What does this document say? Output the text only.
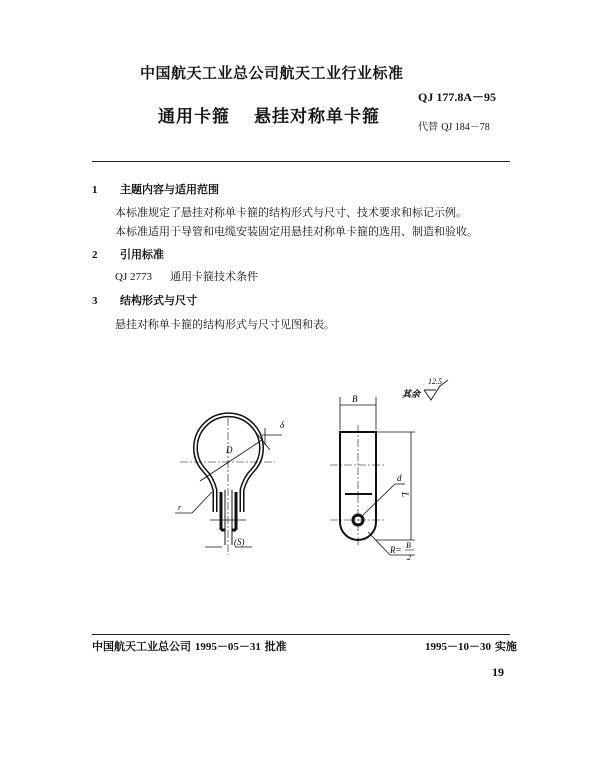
中国航天工业总公司航天工业行业标准
QJ 177.8A－95
通用卡箍 悬挂对称单卡箍
代替 QJ 184－78
1 主题内容与适用范围
本标准规定了悬挂对称单卡箍的结构形式与尺寸、技术要求和标记示例。
本标准适用于导管和电缆安装固定用悬挂对称单卡箍的选用、制造和验收。
2 引用标准
QJ 2773 通用卡箍技术条件
3 结构形式与尺寸
悬挂对称单卡箍的结构形式与尺寸见图和表。
12.5
其余
D
δ
r
(S)
B
d
L
R= B
2
中国航天工业总公司 1995－05－31 批准	1995－10－30 实施
19
